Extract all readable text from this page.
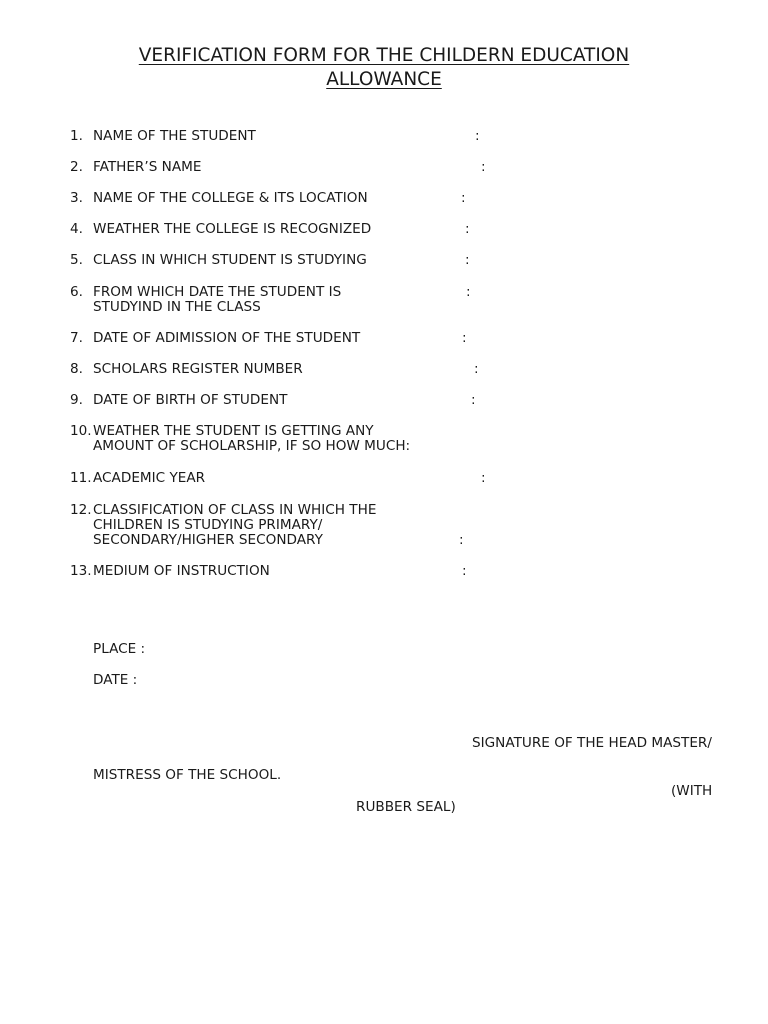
VERIFICATION FORM FOR THE CHILDERN EDUCATION
ALLOWANCE
1. NAME OF THE STUDENT	:
2. FATHER’S NAME	:
3. NAME OF THE COLLEGE & ITS LOCATION	:
4. WEATHER THE COLLEGE IS RECOGNIZED	:
5. CLASS IN WHICH STUDENT IS STUDYING	:
6. FROM WHICH DATE THE STUDENT IS	:
STUDYIND IN THE CLASS
7. DATE OF ADIMISSION OF THE STUDENT	:
8. SCHOLARS REGISTER NUMBER	:
9. DATE OF BIRTH OF STUDENT	:
10. WEATHER THE STUDENT IS GETTING ANY
AMOUNT OF SCHOLARSHIP, IF SO HOW MUCH:
11. ACADEMIC YEAR	:
12. CLASSIFICATION OF CLASS IN WHICH THE
CHILDREN IS STUDYING PRIMARY/
SECONDARY/HIGHER SECONDARY	:
13. MEDIUM OF INSTRUCTION	:
PLACE :
DATE :
SIGNATURE OF THE HEAD MASTER/
MISTRESS OF THE SCHOOL.
(WITH
RUBBER SEAL)
